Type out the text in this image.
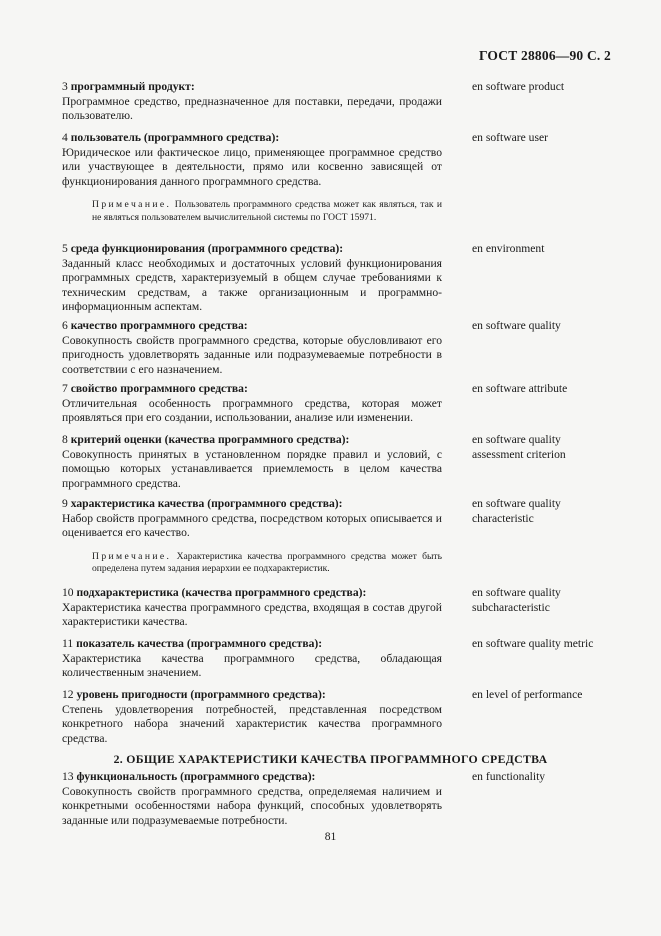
ГОСТ 28806—90 С. 2
3 программный продукт:
Программное средство, предназначенное для поставки, передачи, продажи пользователю.
en software product
4 пользователь (программного средства):
Юридическое или фактическое лицо, применяющее программное средство или участвующее в деятельности, прямо или косвенно зависящей от функционирования данного программного средства.
Примечание. Пользователь программного средства может как являться, так и не являться пользователем вычислительной системы по ГОСТ 15971.
en software user
5 среда функционирования (программного средства):
Заданный класс необходимых и достаточных условий функционирования программных средств, характеризуемый в общем случае требованиями к техническим средствам, а также организационным и программно-информационным аспектам.
en environment
6 качество программного средства:
Совокупность свойств программного средства, которые обусловливают его пригодность удовлетворять заданные или подразумеваемые потребности в соответствии с его назначением.
en software quality
7 свойство программного средства:
Отличительная особенность программного средства, которая может проявляться при его создании, использовании, анализе или изменении.
en software attribute
8 критерий оценки (качества программного средства):
Совокупность принятых в установленном порядке правил и условий, с помощью которых устанавливается приемлемость в целом качества программного средства.
en software quality assessment criterion
9 характеристика качества (программного средства):
Набор свойств программного средства, посредством которых описывается и оценивается его качество.
Примечание. Характеристика качества программного средства может быть определена путем задания иерархии ее подхарактеристик.
en software quality characteristic
10 подхарактеристика (качества программного средства):
Характеристика качества программного средства, входящая в состав другой характеристики качества.
en software quality subcharacteristic
11 показатель качества (программного средства):
Характеристика качества программного средства, обладающая количественным значением.
en software quality metric
12 уровень пригодности (программного средства):
Степень удовлетворения потребностей, представленная посредством конкретного набора значений характеристик качества программного средства.
en level of performance
2. ОБЩИЕ ХАРАКТЕРИСТИКИ КАЧЕСТВА ПРОГРАММНОГО СРЕДСТВА
13 функциональность (программного средства):
Совокупность свойств программного средства, определяемая наличием и конкретными особенностями набора функций, способных удовлетворять заданные или подразумеваемые потребности.
en functionality
81
